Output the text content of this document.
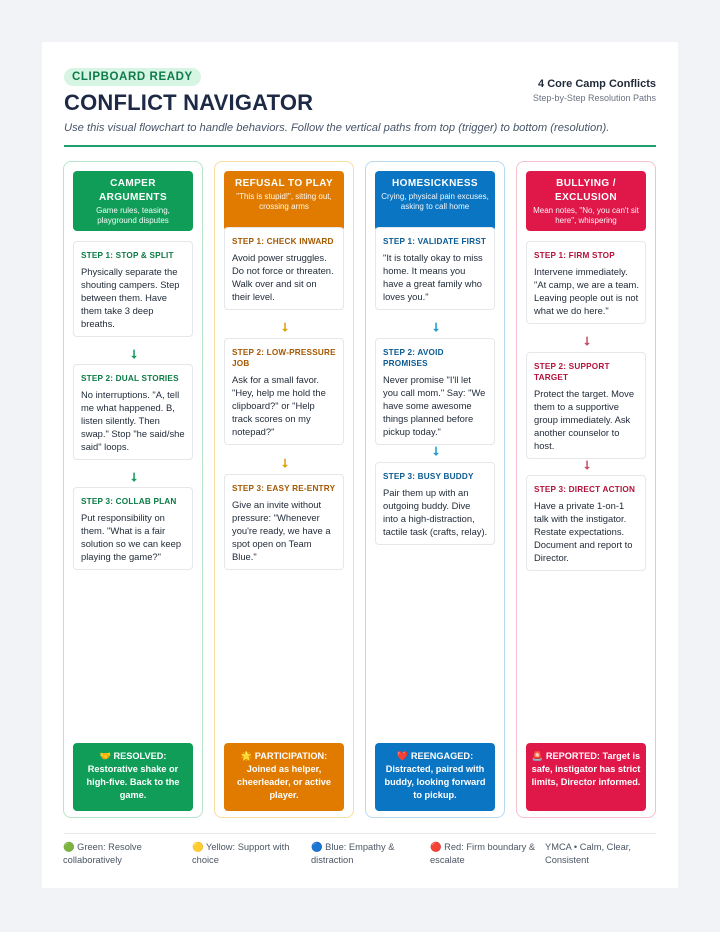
CLIPBOARD READY
CONFLICT NAVIGATOR
4 Core Camp Conflicts
Step-by-Step Resolution Paths
Use this visual flowchart to handle behaviors. Follow the vertical paths from top (trigger) to bottom (resolution).
CAMPER ARGUMENTS
Game rules, teasing, playground disputes
STEP 1: STOP & SPLIT
Physically separate the shouting campers. Step between them. Have them take 3 deep breaths.
⭣
STEP 2: DUAL STORIES
No interruptions. "A, tell me what happened. B, listen silently. Then swap." Stop "he said/she said" loops.
⭣
STEP 3: COLLAB PLAN
Put responsibility on them. "What is a fair solution so we can keep playing the game?"
🤝 RESOLVED: Restorative shake or high-five. Back to the game.
REFUSAL TO PLAY
"This is stupid!", sitting out, crossing arms
STEP 1: CHECK INWARD
Avoid power struggles. Do not force or threaten. Walk over and sit on their level.
⭣
STEP 2: LOW-PRESSURE JOB
Ask for a small favor. "Hey, help me hold the clipboard?" or "Help track scores on my notepad?"
⭣
STEP 3: EASY RE-ENTRY
Give an invite without pressure: "Whenever you're ready, we have a spot open on Team Blue."
🌟 PARTICIPATION: Joined as helper, cheerleader, or active player.
HOMESICKNESS
Crying, physical pain excuses, asking to call home
STEP 1: VALIDATE FIRST
"It is totally okay to miss home. It means you have a great family who loves you."
⭣
STEP 2: AVOID PROMISES
Never promise "I'll let you call mom." Say: "We have some awesome things planned before pickup today."
⭣
STEP 3: BUSY BUDDY
Pair them up with an outgoing buddy. Dive into a high-distraction, tactile task (crafts, relay).
❤️ REENGAGED: Distracted, paired with buddy, looking forward to pickup.
BULLYING / EXCLUSION
Mean notes, "No, you can't sit here", whispering
STEP 1: FIRM STOP
Intervene immediately. "At camp, we are a team. Leaving people out is not what we do here."
⭣
STEP 2: SUPPORT TARGET
Protect the target. Move them to a supportive group immediately. Ask another counselor to host.
⭣
STEP 3: DIRECT ACTION
Have a private 1-on-1 talk with the instigator. Restate expectations. Document and report to Director.
🚨 REPORTED: Target is safe, instigator has strict limits, Director informed.
🟢 Green: Resolve collaboratively
🟡 Yellow: Support with choice
🔵 Blue: Empathy & distraction
🔴 Red: Firm boundary & escalate
YMCA • Calm, Clear, Consistent
